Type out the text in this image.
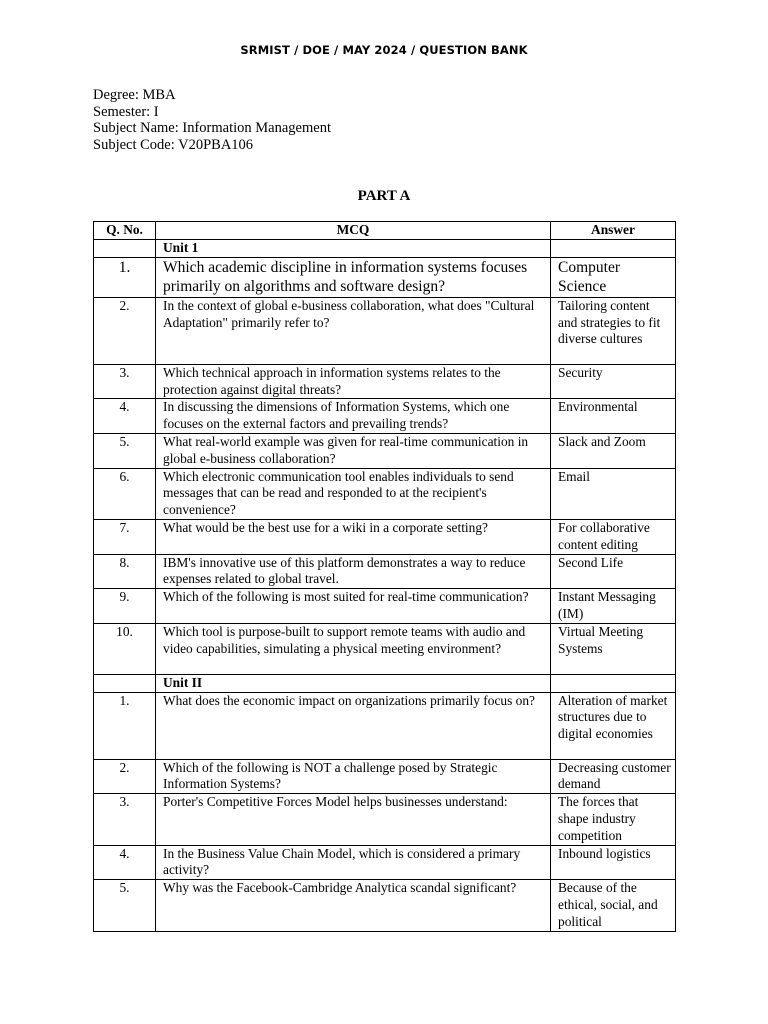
SRMIST / DOE / MAY 2024 / QUESTION BANK
Degree: MBA
Semester: I
Subject Name: Information Management
Subject Code: V20PBA106
PART A
Q. No.	MCQ	Answer
	Unit 1	
1.	Which academic discipline in information systems focuses primarily on algorithms and software design?	Computer Science
2.	In the context of global e-business collaboration, what does "Cultural Adaptation" primarily refer to?	Tailoring content and strategies to fit diverse cultures
3.	Which technical approach in information systems relates to the protection against digital threats?	Security
4.	In discussing the dimensions of Information Systems, which one focuses on the external factors and prevailing trends?	Environmental
5.	What real-world example was given for real-time communication in global e-business collaboration?	Slack and Zoom
6.	Which electronic communication tool enables individuals to send messages that can be read and responded to at the recipient's convenience?	Email
7.	What would be the best use for a wiki in a corporate setting?	For collaborative content editing
8.	IBM's innovative use of this platform demonstrates a way to reduce expenses related to global travel.	Second Life
9.	Which of the following is most suited for real-time communication?	Instant Messaging (IM)
10.	Which tool is purpose-built to support remote teams with audio and video capabilities, simulating a physical meeting environment?	Virtual Meeting Systems
	Unit II	
1.	What does the economic impact on organizations primarily focus on?	Alteration of market structures due to digital economies
2.	Which of the following is NOT a challenge posed by Strategic Information Systems?	Decreasing customer demand
3.	Porter's Competitive Forces Model helps businesses understand:	The forces that shape industry competition
4.	In the Business Value Chain Model, which is considered a primary activity?	Inbound logistics
5.	Why was the Facebook-Cambridge Analytica scandal significant?	Because of the ethical, social, and political
